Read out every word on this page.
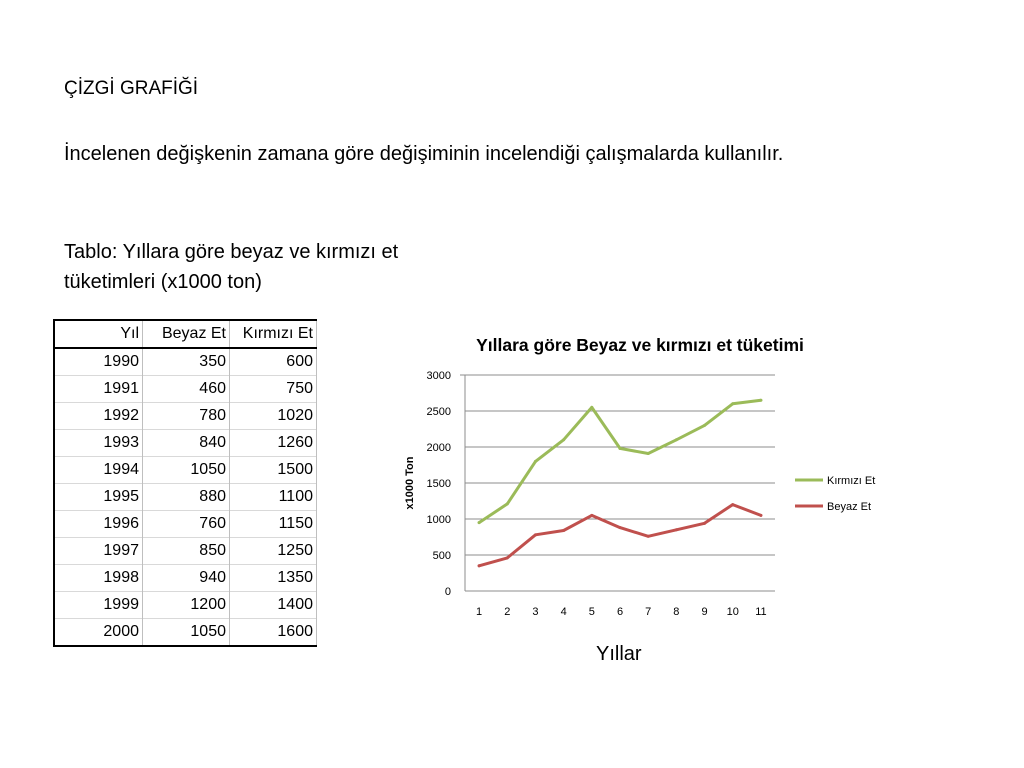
ÇİZGİ GRAFİĞİ
İncelenen değişkenin zamana göre değişiminin incelendiği çalışmalarda kullanılır.
Tablo: Yıllara göre beyaz ve kırmızı et tüketimleri (x1000 ton)
Yıl	Beyaz Et	Kırmızı Et
1990	350	600
1991	460	750
1992	780	1020
1993	840	1260
1994	1050	1500
1995	880	1100
1996	760	1150
1997	850	1250
1998	940	1350
1999	1200	1400
2000	1050	1600
Yıllara göre Beyaz ve kırmızı et tüketimi
0
500
1000
1500
2000
2500
3000
1 2 3 4 5 6 7 8 9 10 11
x1000 Ton	Kırmızı Et
Beyaz Et
Yıllar
